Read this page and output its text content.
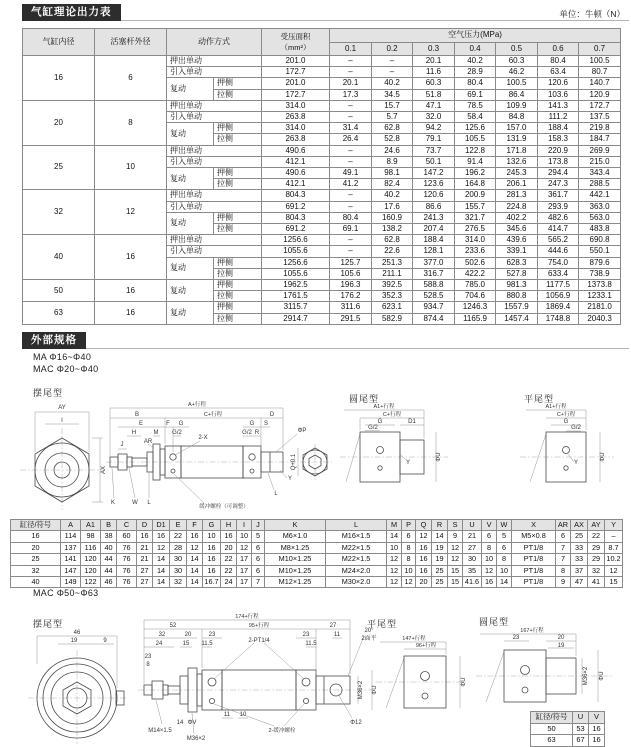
气缸理论出力表	单位：牛顿（N）
气缸内径	活塞杆外径	动作方式		受压面积
（mm²）	空气压力(MPa)						
					0.1	0.2	0.3	0.4	0.5	0.6	0.7
16	6	押出单动		201.0	–	–	20.1	40.2	60.3	80.4	100.5
		引入单动		172.7	–	–	11.6	28.9	46.2	63.4	80.7
		复动	押侧	201.0	20.1	40.2	60.3	80.4	100.5	120.6	140.7
			拉侧	172.7	17.3	34.5	51.8	69.1	86.4	103.6	120.9
20	8	押出单动		314.0	–	15.7	47.1	78.5	109.9	141.3	172.7
		引入单动		263.8	–	5.7	32.0	58.4	84.8	111.2	137.5
		复动	押侧	314.0	31.4	62.8	94.2	125.6	157.0	188.4	219.8
			拉侧	263.8	26.4	52.8	79.1	105.5	131.9	158.3	184.7
25	10	押出单动		490.6	–	24.6	73.7	122.8	171.8	220.9	269.9
		引入单动		412.1	–	8.9	50.1	91.4	132.6	173.8	215.0
		复动	押侧	490.6	49.1	98.1	147.2	196.2	245.3	294.4	343.4
			拉侧	412.1	41.2	82.4	123.6	164.8	206.1	247.3	288.5
32	12	押出单动		804.3	–	40.2	120.6	200.9	281.3	361.7	442.1
		引入单动		691.2	–	17.6	86.6	155.7	224.8	293.9	363.0
		复动	押侧	804.3	80.4	160.9	241.3	321.7	402.2	482.6	563.0
			拉侧	691.2	69.1	138.2	207.4	276.5	345.6	414.7	483.8
40	16	押出单动		1256.6	–	62.8	188.4	314.0	439.6	565.2	690.8
		引入单动		1055.6	–	22.6	128.1	233.6	339.1	444.6	550.1
		复动	押侧	1256.6	125.7	251.3	377.0	502.6	628.3	754.0	879.6
			拉侧	1055.6	105.6	211.1	316.7	422.2	527.8	633.4	738.9
50	16	复动	押侧	1962.5	196.3	392.5	588.8	785.0	981.3	1177.5	1373.8
			拉侧	1761.5	176.2	352.3	528.5	704.6	880.8	1056.9	1233.1
63	16	复动	押侧	3115.7	311.6	623.1	934.7	1246.3	1557.9	1869.4	2181.0
			拉侧	2914.7	291.5	582.9	874.4	1165.9	1457.4	1748.8	2040.3
外部规格
MA Φ16~Φ40
MAC Φ20~Φ40
摆尾型
圆尾型	平尾型
AY
I
AX
A+行程
B	C+行程	D
E	F G
H	M G/2
AR
J
2-X
G S
G/2 R	ΦP
K	W L
缓冲螺栓（可调整）
L
Y
Q+0.1
A1+行程
C+行程
G
G/2
D1
Y
ΦU
A1+行程
C+行程
G
G/2
Y
ΦU
缸径/符号	A	A1	B	C	D	D1	E	F	G	H	I	J	K	L	M	P	Q	R	S	U	V	W	X	AR	AX	AY	Y
16	114	98	38	60	16	16	22	16	10	16	10	5	M6×1.0	M16×1.5	14	6	12	14	9	21	6	5	M5×0.8	6	25	22	–
20	137	116	40	76	21	12	28	12	16	20	12	6	M8×1.25	M22×1.5	10	8	16	19	12	27	8	6	PT1/8	7	33	29	8.7
25	141	120	44	76	21	14	30	14	16	22	17	6	M10×1.25	M22×1.5	12	8	16	19	12	30	10	8	PT1/8	7	33	29	10.2
32	147	120	44	76	27	14	30	14	16	22	17	6	M10×1.25	M24×2.0	12	10	16	25	15	35	12	10	PT1/8	8	37	32	12
40	149	122	46	76	27	14	32	14	16.7	24	17	7	M12×1.25	M30×2.0	12	12	20	25	15	41.6	16	14	PT1/8	9	47	41	15
MAC Φ50~Φ63
摆尾型	平尾型	圆尾型
46
19	9
174+行程
52	95+行程	27
32	20	23
2-PT1/4
23	11
24	15 11.5	11.5
20°
2面平
23
8
M14×1.5
14 ΦV
M36×2
11 10
2-缓冲螺栓
Φ12
M36×2 ΦU
147+行程
96+行程
ΦU
167+行程
23	20
19
M36×2 ΦU
缸径/符号	U	V
50	53	16
63	67	16
